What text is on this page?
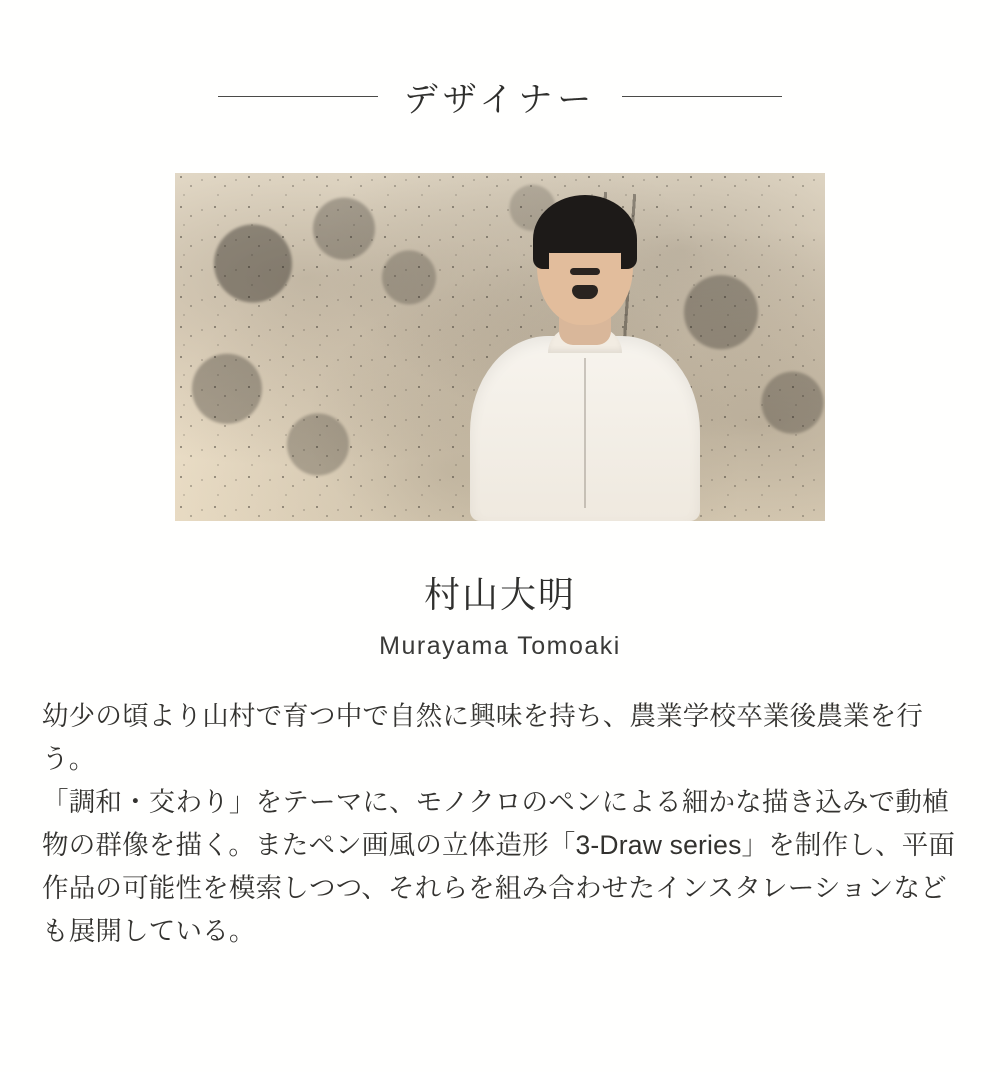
デザイナー
村山大明
Murayama Tomoaki

幼少の頃より山村で育つ中で自然に興味を持ち、農業学校卒業後農業を行う。

「調和・交わり」をテーマに、モノクロのペンによる細かな描き込みで動植物の群像を描く。またペン画風の立体造形「3-Draw series」を制作し、平面作品の可能性を模索しつつ、それらを組み合わせたインスタレーションなども展開している。
